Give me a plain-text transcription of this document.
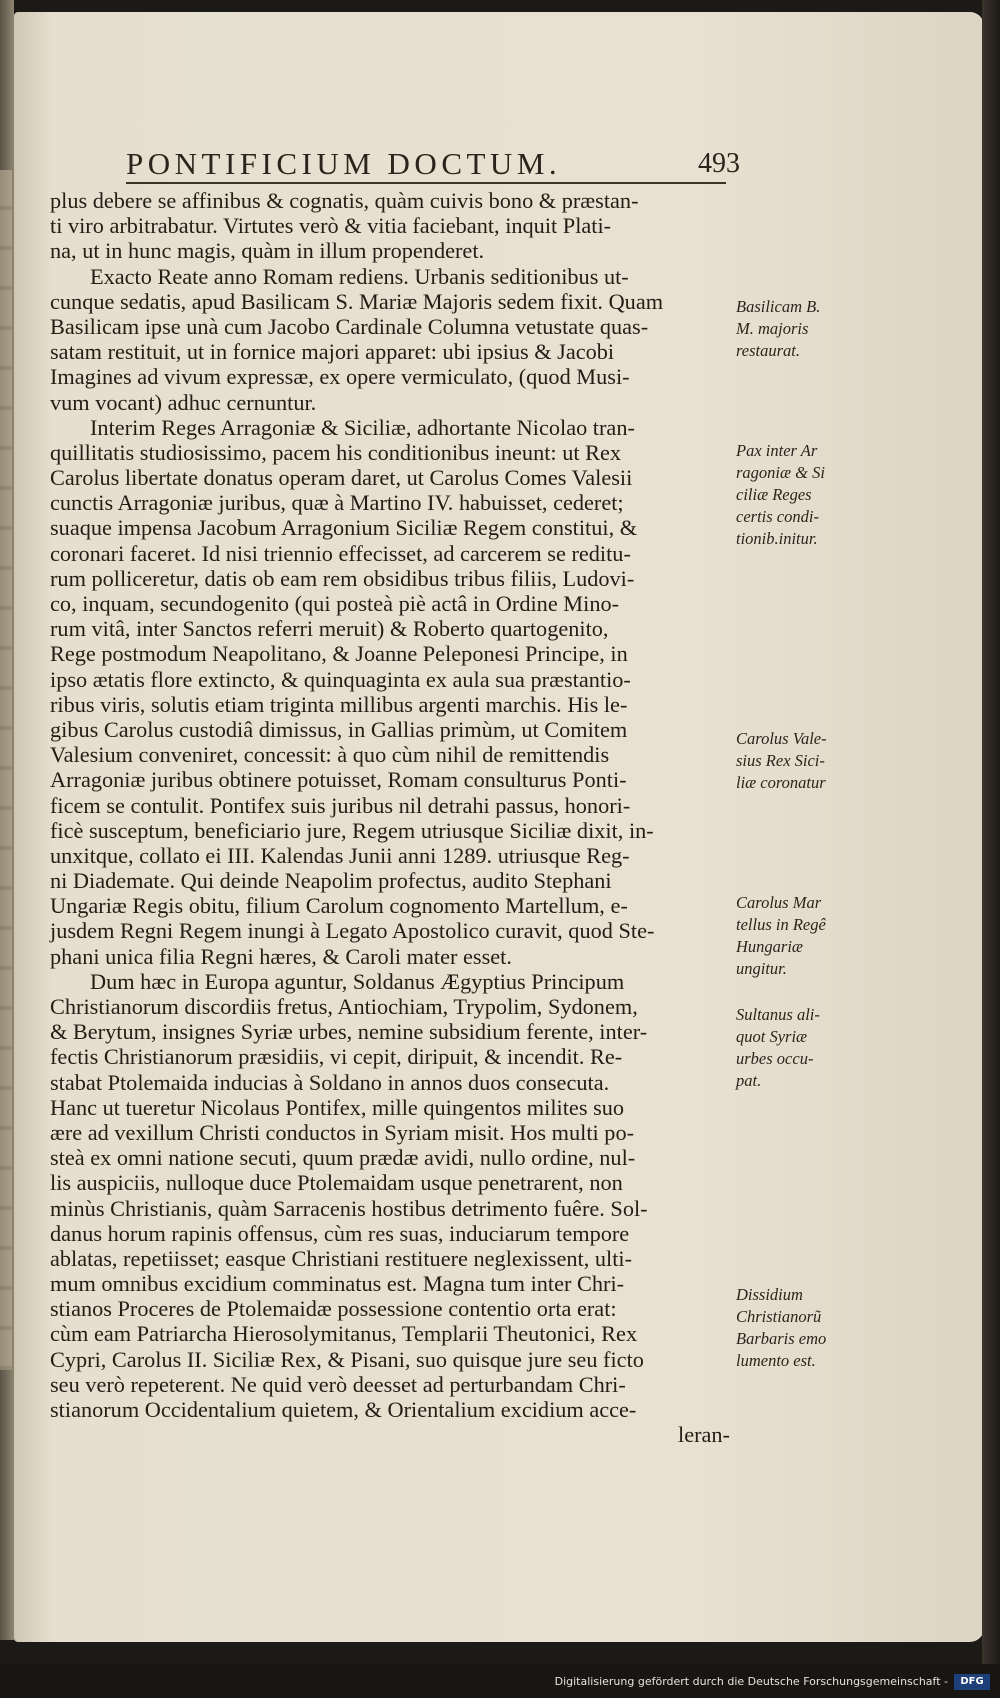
PONTIFICIUM DOCTUM.	493
plus debere se affinibus & cognatis, quàm cuivis bono & præstan-
ti viro arbitrabatur. Virtutes verò & vitia faciebant, inquit Plati-
na, ut in hunc magis, quàm in illum propenderet.
Exacto Reate anno Romam rediens. Urbanis seditionibus ut-
cunque sedatis, apud Basilicam S. Mariæ Majoris sedem fixit. Quam
Basilicam ipse unà cum Jacobo Cardinale Columna vetustate quas-
satam restituit, ut in fornice majori apparet: ubi ipsius & Jacobi
Imagines ad vivum expressæ, ex opere vermiculato, (quod Musi-
vum vocant) adhuc cernuntur.
Interim Reges Arragoniæ & Siciliæ, adhortante Nicolao tran-
quillitatis studiosissimo, pacem his conditionibus ineunt: ut Rex
Carolus libertate donatus operam daret, ut Carolus Comes Valesii
cunctis Arragoniæ juribus, quæ à Martino IV. habuisset, cederet;
suaque impensa Jacobum Arragonium Siciliæ Regem constitui, &
coronari faceret. Id nisi triennio effecisset, ad carcerem se reditu-
rum polliceretur, datis ob eam rem obsidibus tribus filiis, Ludovi-
co, inquam, secundogenito (qui posteà piè actâ in Ordine Mino-
rum vitâ, inter Sanctos referri meruit) & Roberto quartogenito,
Rege postmodum Neapolitano, & Joanne Peleponesi Principe, in
ipso ætatis flore extincto, & quinquaginta ex aula sua præstantio-
ribus viris, solutis etiam triginta millibus argenti marchis. His le-
gibus Carolus custodiâ dimissus, in Gallias primùm, ut Comitem
Valesium conveniret, concessit: à quo cùm nihil de remittendis
Arragoniæ juribus obtinere potuisset, Romam consulturus Ponti-
ficem se contulit. Pontifex suis juribus nil detrahi passus, honori-
ficè susceptum, beneficiario jure, Regem utriusque Siciliæ dixit, in-
unxitque, collato ei III. Kalendas Junii anni 1289. utriusque Reg-
ni Diademate. Qui deinde Neapolim profectus, audito Stephani
Ungariæ Regis obitu, filium Carolum cognomento Martellum, e-
jusdem Regni Regem inungi à Legato Apostolico curavit, quod Ste-
phani unica filia Regni hæres, & Caroli mater esset.
Dum hæc in Europa aguntur, Soldanus Ægyptius Principum
Christianorum discordiis fretus, Antiochiam, Trypolim, Sydonem,
& Berytum, insignes Syriæ urbes, nemine subsidium ferente, inter-
fectis Christianorum præsidiis, vi cepit, diripuit, & incendit. Re-
stabat Ptolemaida inducias à Soldano in annos duos consecuta.
Hanc ut tueretur Nicolaus Pontifex, mille quingentos milites suo
ære ad vexillum Christi conductos in Syriam misit. Hos multi po-
steà ex omni natione secuti, quum prædæ avidi, nullo ordine, nul-
lis auspiciis, nulloque duce Ptolemaidam usque penetrarent, non
minùs Christianis, quàm Sarracenis hostibus detrimento fuêre. Sol-
danus horum rapinis offensus, cùm res suas, induciarum tempore
ablatas, repetiisset; easque Christiani restituere neglexissent, ulti-
mum omnibus excidium comminatus est. Magna tum inter Chri-
stianos Proceres de Ptolemaidæ possessione contentio orta erat:
cùm eam Patriarcha Hierosolymitanus, Templarii Theutonici, Rex
Cypri, Carolus II. Siciliæ Rex, & Pisani, suo quisque jure seu ficto
seu verò repeterent. Ne quid verò deesset ad perturbandam Chri-
stianorum Occidentalium quietem, & Orientalium excidium acce-
leran-
Basilicam B.
M. majoris
restaurat.
Pax inter Ar
ragoniæ & Si
ciliæ Reges
certis condi-
tionib.initur.
Carolus Vale-
sius Rex Sici-
liæ coronatur
Carolus Mar
tellus in Regê
Hungariæ
ungitur.
Sultanus ali-
quot Syriæ
urbes occu-
pat.
Dissidium
Christianorũ
Barbaris emo
lumento est.
Digitalisierung gefördert durch die Deutsche Forschungsgemeinschaft -	DFG
